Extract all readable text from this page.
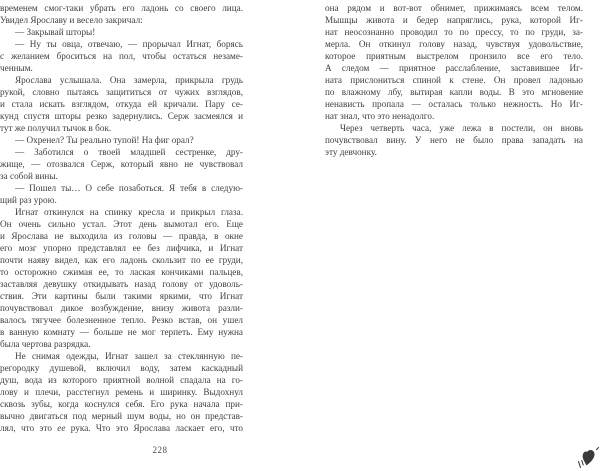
временем смог-таки убрать его ладонь со своего лица.
Увидел Ярославу и весело закричал:
— Закрывай шторы!
— Ну ты овца, отвечаю, — прорычал Игнат, борясь
с желанием броситься на пол, чтобы остаться незаме-
ченным.
Ярослава услышала. Она замерла, прикрыла грудь
рукой, словно пытаясь защититься от чужих взглядов,
и стала искать взглядом, откуда ей кричали. Пару се-
кунд спустя шторы резко задернулись. Серж засмеялся и
тут же получил тычок в бок.
— Охренел? Ты реально тупой! На фиг орал?
— Заботился о твоей младшей сестренке, дру-
жище, — отозвался Серж, который явно не чувствовал
за собой вины.
— Пошел ты… О себе позаботься. Я тебя в следую-
щий раз урою.
Игнат откинулся на спинку кресла и прикрыл глаза.
Он очень сильно устал. Этот день вымотал его. Еще
и Ярослава не выходила из головы — правда, в окне
его мозг упорно представлял ее без лифчика, и Игнат
почти наяву видел, как его ладонь скользит по ее груди,
то осторожно сжимая ее, то лаская кончиками пальцев,
заставляя девушку откидывать назад голову от удоволь-
ствия. Эти картины были такими яркими, что Игнат
почувствовал дикое возбуждение, внизу живота разли-
валось тягучее болезненное тепло. Резко встав, он ушел
в ванную комнату — больше не мог терпеть. Ему нужна
была чертова разрядка.
Не снимая одежды, Игнат зашел за стеклянную пе-
регородку душевой, включил воду, затем каскадный
душ, вода из которого приятной волной спадала на го-
лову и плечи, расстегнул ремень и ширинку. Выдохнул
сквозь зубы, когда коснулся себя. Его рука начала при-
вычно двигаться под мерный шум воды, но он представ-
лял, что это ее рука. Что это Ярослава ласкает его, что
она рядом и вот-вот обнимет, прижимаясь всем телом.
Мышцы живота и бедер напряглись, рука, которой Иг-
нат неосознанно проводил то по прессу, то по груди, за-
мерла. Он откинул голову назад, чувствуя удовольствие,
которое приятным выстрелом пронзило все его тело.
А следом — приятное расслабление, заставившее Иг-
ната прислониться спиной к стене. Он провел ладонью
по влажному лбу, вытирая капли воды. В это мгновение
ненависть пропала — осталась только нежность. Но Иг-
нат знал, что это ненадолго.
Через четверть часа, уже лежа в постели, он вновь
почувствовал вину. У него не было права западать на
эту девчонку.
228
